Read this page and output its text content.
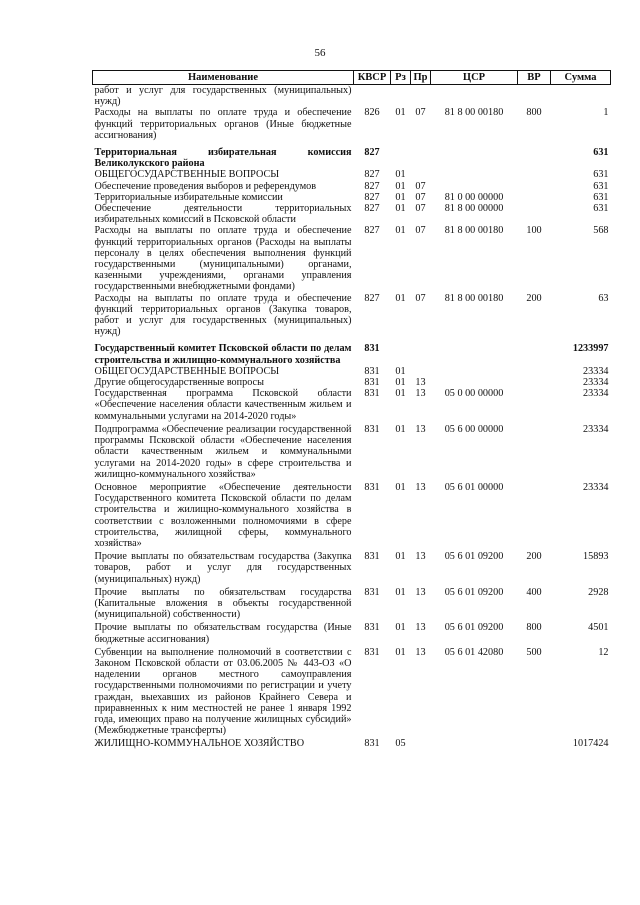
56
Наименование	КВСР	Рз	Пр	ЦСР	ВР	Сумма
работ и услуг для государственных (муниципальных) нужд)						
Расходы на выплаты по оплате труда и обеспечение функций территориальных органов (Иные бюджетные ассигнования)	826	01	07	81 8 00 00180	800	1
Территориальная избирательная комиссия Великолукского района	827					631
ОБЩЕГОСУДАРСТВЕННЫЕ ВОПРОСЫ	827	01				631
Обеспечение проведения выборов и референдумов	827	01	07			631
Территориальные избирательные комиссии	827	01	07	81 0 00 00000		631
Обеспечение деятельности территориальных избирательных комиссий в Псковской области	827	01	07	81 8 00 00000		631
Расходы на выплаты по оплате труда и обеспечение функций территориальных органов (Расходы на выплаты персоналу в целях обеспечения выполнения функций государственными (муниципальными) органами, казенными учреждениями, органами управления государственными внебюджетными фондами)	827	01	07	81 8 00 00180	100	568
Расходы на выплаты по оплате труда и обеспечение функций территориальных органов (Закупка товаров, работ и услуг для государственных (муниципальных) нужд)	827	01	07	81 8 00 00180	200	63
Государственный комитет Псковской области по делам строительства и жилищно-коммунального хозяйства	831					1233997
ОБЩЕГОСУДАРСТВЕННЫЕ ВОПРОСЫ	831	01				23334
Другие общегосударственные вопросы	831	01	13			23334
Государственная программа Псковской области «Обеспечение населения области качественным жильем и коммунальными услугами на 2014-2020 годы»	831	01	13	05 0 00 00000		23334
Подпрограмма «Обеспечение реализации государственной программы Псковской области «Обеспечение населения области качественным жильем и коммунальными услугами на 2014-2020 годы» в сфере строительства и жилищно-коммунального хозяйства»	831	01	13	05 6 00 00000		23334
Основное мероприятие «Обеспечение деятельности Государственного комитета Псковской области по делам строительства и жилищно-коммунального хозяйства в соответствии с возложенными полномочиями в сфере строительства, жилищной сферы, коммунального хозяйства»	831	01	13	05 6 01 00000		23334
Прочие выплаты по обязательствам государства (Закупка товаров, работ и услуг для государственных (муниципальных) нужд)	831	01	13	05 6 01 09200	200	15893
Прочие выплаты по обязательствам государства (Капитальные вложения в объекты государственной (муниципальной) собственности)	831	01	13	05 6 01 09200	400	2928
Прочие выплаты по обязательствам государства (Иные бюджетные ассигнования)	831	01	13	05 6 01 09200	800	4501
Субвенции на выполнение полномочий в соответствии с Законом Псковской области от 03.06.2005 № 443-ОЗ «О наделении органов местного самоуправления государственными полномочиями по регистрации и учету граждан, выехавших из районов Крайнего Севера и приравненных к ним местностей не ранее 1 января 1992 года, имеющих право на получение жилищных субсидий» (Межбюджетные трансферты)	831	01	13	05 6 01 42080	500	12
ЖИЛИЩНО-КОММУНАЛЬНОЕ ХОЗЯЙСТВО	831	05				1017424
